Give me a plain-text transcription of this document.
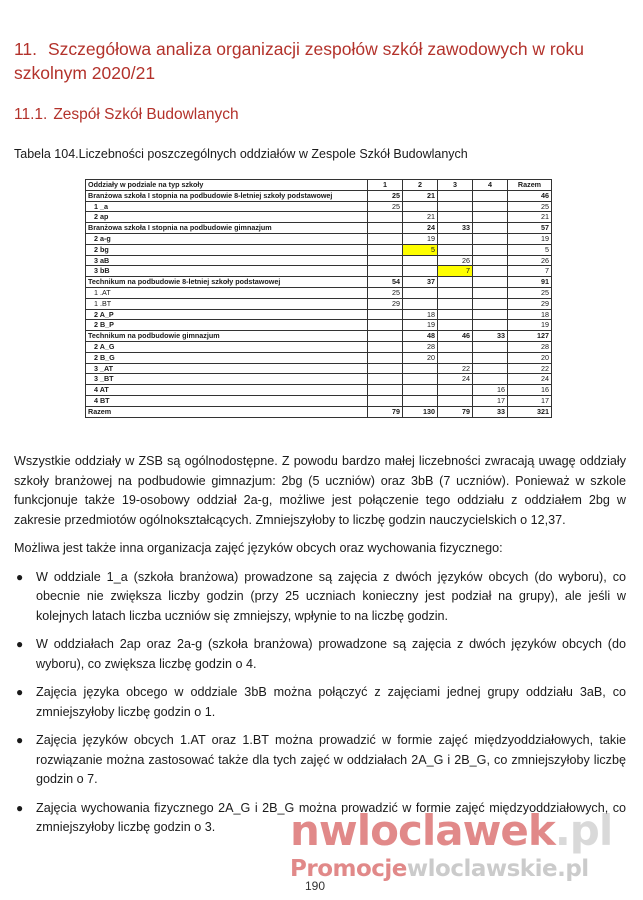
11. Szczegółowa analiza organizacji zespołów szkół zawodowych w roku szkolnym 2020/21
11.1. Zespół Szkół Budowlanych
Tabela 104.Liczebności poszczególnych oddziałów w Zespole Szkół Budowlanych
Oddziały w podziale na typ szkoły	1	2	3	4	Razem
Branżowa szkoła I stopnia na podbudowie 8-letniej szkoły podstawowej	25	21			46
1 _a	25				25
2 ap		21			21
Branżowa szkoła I stopnia na podbudowie gimnazjum		24	33		57
2 a-g		19			19
2 bg		5			5
3 aB			26		26
3 bB			7		7
Technikum na podbudowie 8-letniej szkoły podstawowej	54	37			91
1 .AT	25				25
1 .BT	29				29
2 A_P		18			18
2 B_P		19			19
Technikum na podbudowie gimnazjum		48	46	33	127
2 A_G		28			28
2 B_G		20			20
3 _AT			22		22
3 _BT			24		24
4 AT				16	16
4 BT				17	17
Razem	79	130	79	33	321

Wszystkie oddziały w ZSB są ogólnodostępne. Z powodu bardzo małej liczebności zwracają uwagę oddziały szkoły branżowej na podbudowie gimnazjum: 2bg (5 uczniów) oraz 3bB (7 uczniów). Ponieważ w szkole funkcjonuje także 19-osobowy oddział 2a-g, możliwe jest połączenie tego oddziału z oddziałem 2bg w zakresie przedmiotów ogólnokształcących. Zmniejszyłoby to liczbę godzin nauczycielskich o 12,37.

Możliwa jest także inna organizacja zajęć języków obcych oraz wychowania fizycznego:

● W oddziale 1_a (szkoła branżowa) prowadzone są zajęcia z dwóch języków obcych (do wyboru), co obecnie nie zwiększa liczby godzin (przy 25 uczniach konieczny jest podział na grupy), ale jeśli w kolejnych latach liczba uczniów się zmniejszy, wpłynie to na liczbę godzin.
● W oddziałach 2ap oraz 2a-g (szkoła branżowa) prowadzone są zajęcia z dwóch języków obcych (do wyboru), co zwiększa liczbę godzin o 4.
● Zajęcia języka obcego w oddziale 3bB można połączyć z zajęciami jednej grupy oddziału 3aB, co zmniejszyłoby liczbę godzin o 1.
● Zajęcia języków obcych 1.AT oraz 1.BT można prowadzić w formie zajęć międzyoddziałowych, takie rozwiązanie można zastosować także dla tych zajęć w oddziałach 2A_G i 2B_G, co zmniejszyłoby liczbę godzin o 7.
● Zajęcia wychowania fizycznego 2A_G i 2B_G można prowadzić w formie zajęć międzyoddziałowych, co zmniejszyłoby liczbę godzin o 3.	nwloclawek.pl
Promocjewloclawskie.pl
190
